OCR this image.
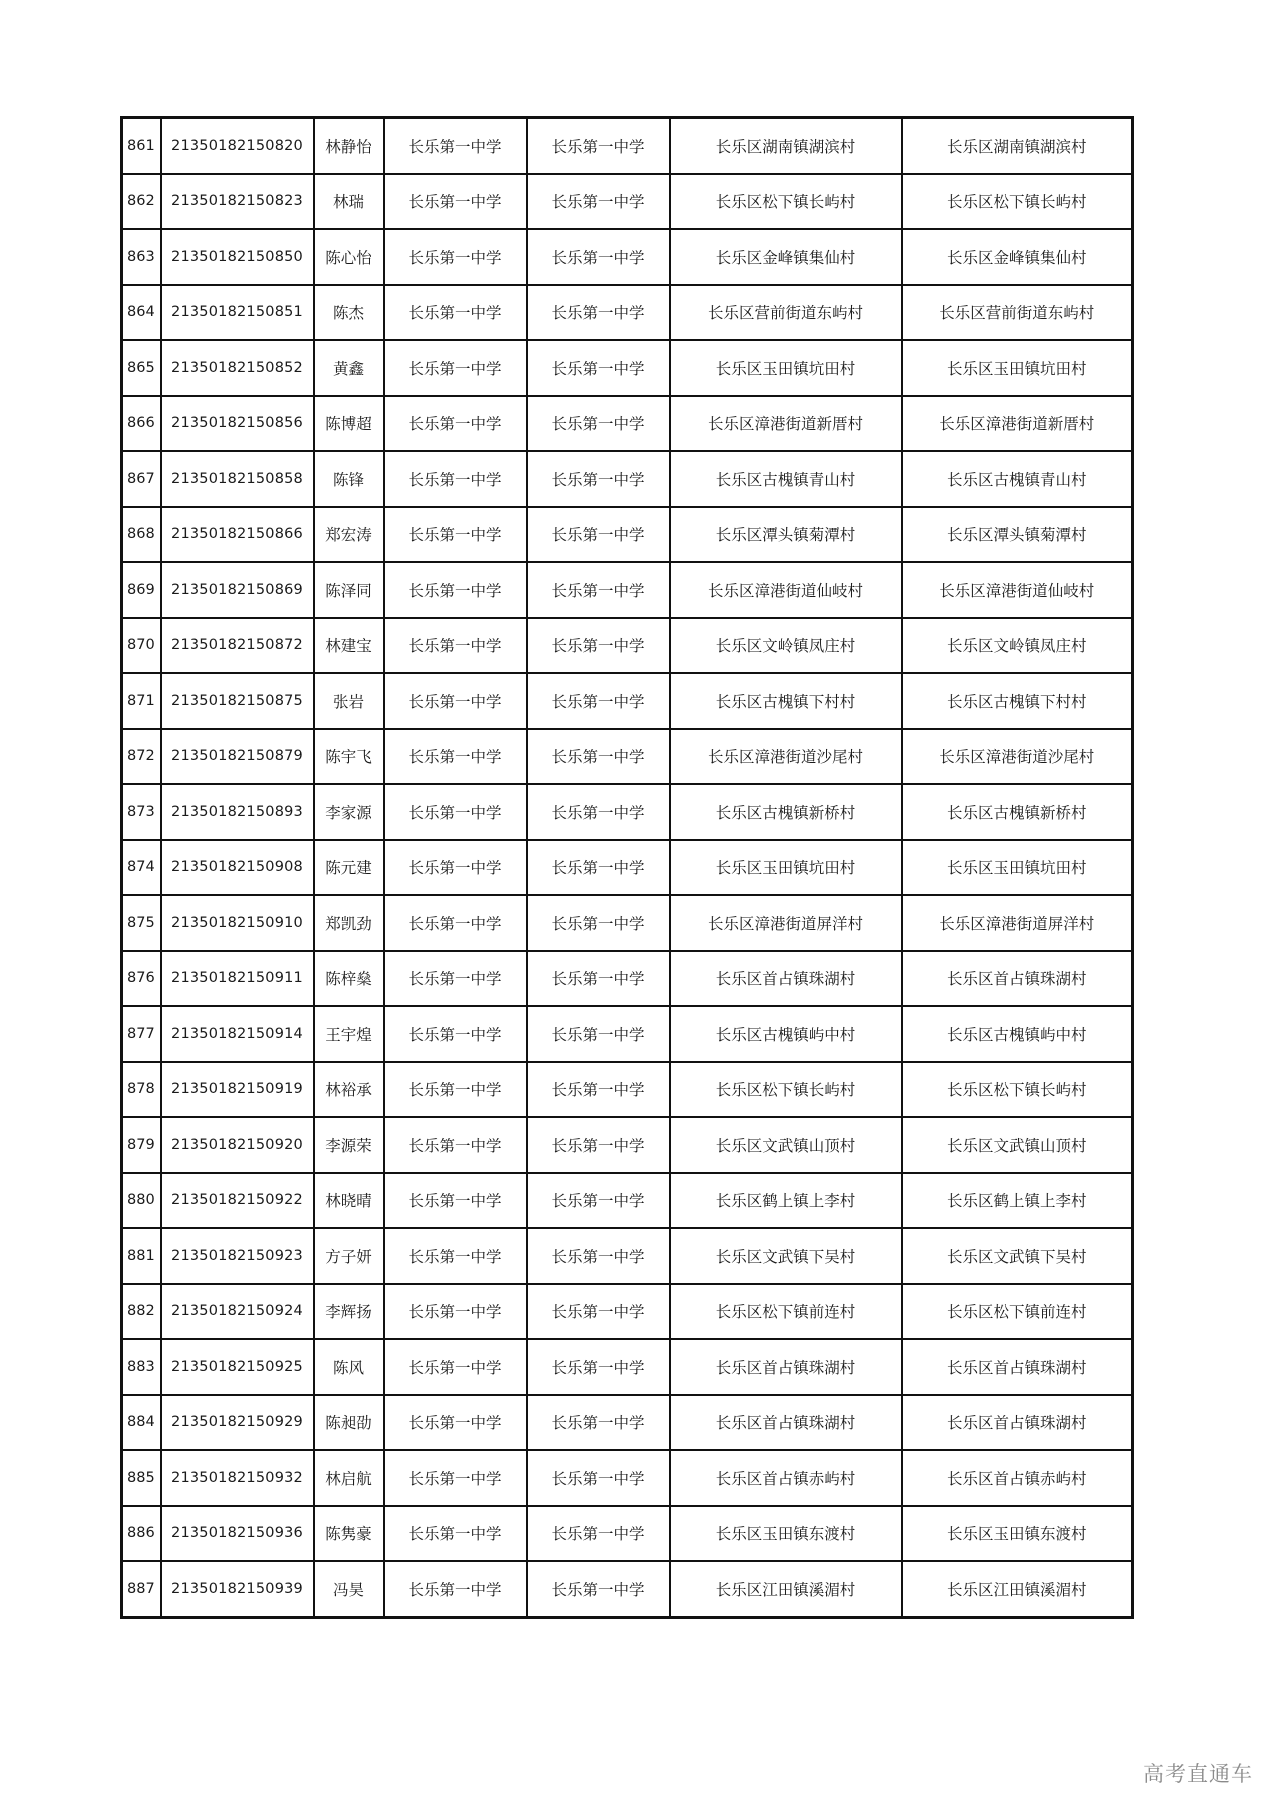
861	21350182150820	林静怡	长乐第一中学	长乐第一中学	长乐区湖南镇湖滨村	长乐区湖南镇湖滨村
862	21350182150823	林瑞	长乐第一中学	长乐第一中学	长乐区松下镇长屿村	长乐区松下镇长屿村
863	21350182150850	陈心怡	长乐第一中学	长乐第一中学	长乐区金峰镇集仙村	长乐区金峰镇集仙村
864	21350182150851	陈杰	长乐第一中学	长乐第一中学	长乐区营前街道东屿村	长乐区营前街道东屿村
865	21350182150852	黄鑫	长乐第一中学	长乐第一中学	长乐区玉田镇坑田村	长乐区玉田镇坑田村
866	21350182150856	陈博超	长乐第一中学	长乐第一中学	长乐区漳港街道新厝村	长乐区漳港街道新厝村
867	21350182150858	陈锋	长乐第一中学	长乐第一中学	长乐区古槐镇青山村	长乐区古槐镇青山村
868	21350182150866	郑宏涛	长乐第一中学	长乐第一中学	长乐区潭头镇菊潭村	长乐区潭头镇菊潭村
869	21350182150869	陈泽同	长乐第一中学	长乐第一中学	长乐区漳港街道仙岐村	长乐区漳港街道仙岐村
870	21350182150872	林建宝	长乐第一中学	长乐第一中学	长乐区文岭镇凤庄村	长乐区文岭镇凤庄村
871	21350182150875	张岩	长乐第一中学	长乐第一中学	长乐区古槐镇下村村	长乐区古槐镇下村村
872	21350182150879	陈宇飞	长乐第一中学	长乐第一中学	长乐区漳港街道沙尾村	长乐区漳港街道沙尾村
873	21350182150893	李家源	长乐第一中学	长乐第一中学	长乐区古槐镇新桥村	长乐区古槐镇新桥村
874	21350182150908	陈元建	长乐第一中学	长乐第一中学	长乐区玉田镇坑田村	长乐区玉田镇坑田村
875	21350182150910	郑凯劲	长乐第一中学	长乐第一中学	长乐区漳港街道屏洋村	长乐区漳港街道屏洋村
876	21350182150911	陈梓燊	长乐第一中学	长乐第一中学	长乐区首占镇珠湖村	长乐区首占镇珠湖村
877	21350182150914	王宇煌	长乐第一中学	长乐第一中学	长乐区古槐镇屿中村	长乐区古槐镇屿中村
878	21350182150919	林裕承	长乐第一中学	长乐第一中学	长乐区松下镇长屿村	长乐区松下镇长屿村
879	21350182150920	李源荣	长乐第一中学	长乐第一中学	长乐区文武镇山顶村	长乐区文武镇山顶村
880	21350182150922	林晓晴	长乐第一中学	长乐第一中学	长乐区鹤上镇上李村	长乐区鹤上镇上李村
881	21350182150923	方子妍	长乐第一中学	长乐第一中学	长乐区文武镇下吴村	长乐区文武镇下吴村
882	21350182150924	李辉扬	长乐第一中学	长乐第一中学	长乐区松下镇前连村	长乐区松下镇前连村
883	21350182150925	陈风	长乐第一中学	长乐第一中学	长乐区首占镇珠湖村	长乐区首占镇珠湖村
884	21350182150929	陈昶劭	长乐第一中学	长乐第一中学	长乐区首占镇珠湖村	长乐区首占镇珠湖村
885	21350182150932	林启航	长乐第一中学	长乐第一中学	长乐区首占镇赤屿村	长乐区首占镇赤屿村
886	21350182150936	陈隽豪	长乐第一中学	长乐第一中学	长乐区玉田镇东渡村	长乐区玉田镇东渡村
887	21350182150939	冯昊	长乐第一中学	长乐第一中学	长乐区江田镇溪湄村	长乐区江田镇溪湄村
高考直通车
